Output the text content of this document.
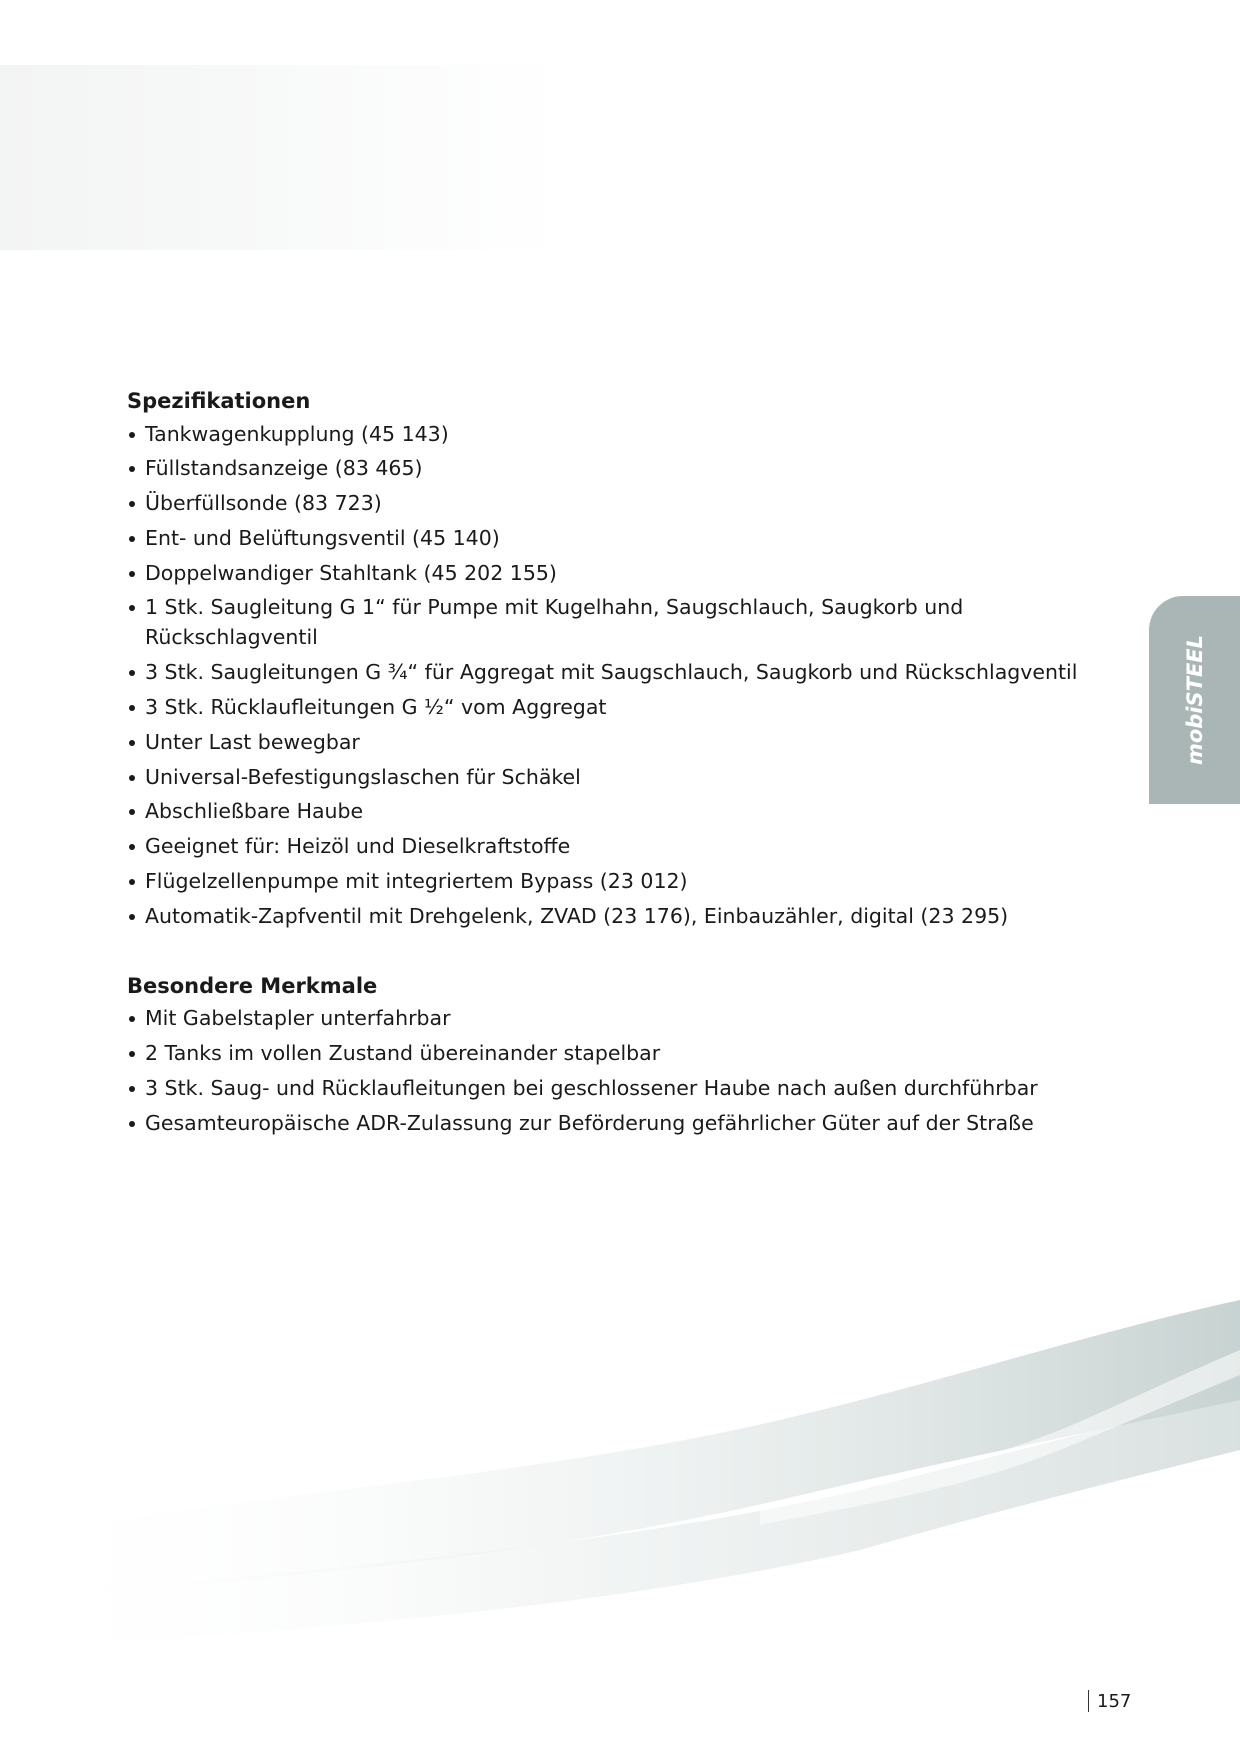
Spezifikationen
Tankwagenkupplung (45 143)
Füllstandsanzeige (83 465)
Überfüllsonde (83 723)
Ent- und Belüftungsventil (45 140)
Doppelwandiger Stahltank (45 202 155)
1 Stk. Saugleitung G 1“ für Pumpe mit Kugelhahn, Saugschlauch, Saugkorb und Rückschlagventil
3 Stk. Saugleitungen G ¾“ für Aggregat mit Saugschlauch, Saugkorb und Rückschlagventil
3 Stk. Rücklaufleitungen G ½“ vom Aggregat
Unter Last bewegbar
Universal-Befestigungslaschen für Schäkel
Abschließbare Haube
Geeignet für: Heizöl und Dieselkraftstoffe
Flügelzellenpumpe mit integriertem Bypass (23 012)
Automatik-Zapfventil mit Drehgelenk, ZVAD (23 176), Einbauzähler, digital (23 295)
Besondere Merkmale
Mit Gabelstapler unterfahrbar
2 Tanks im vollen Zustand übereinander stapelbar
3 Stk. Saug- und Rücklaufleitungen bei geschlossener Haube nach außen durchführbar
Gesamteuropäische ADR-Zulassung zur Beförderung gefährlicher Güter auf der Straße
mobiSTEEL
157
